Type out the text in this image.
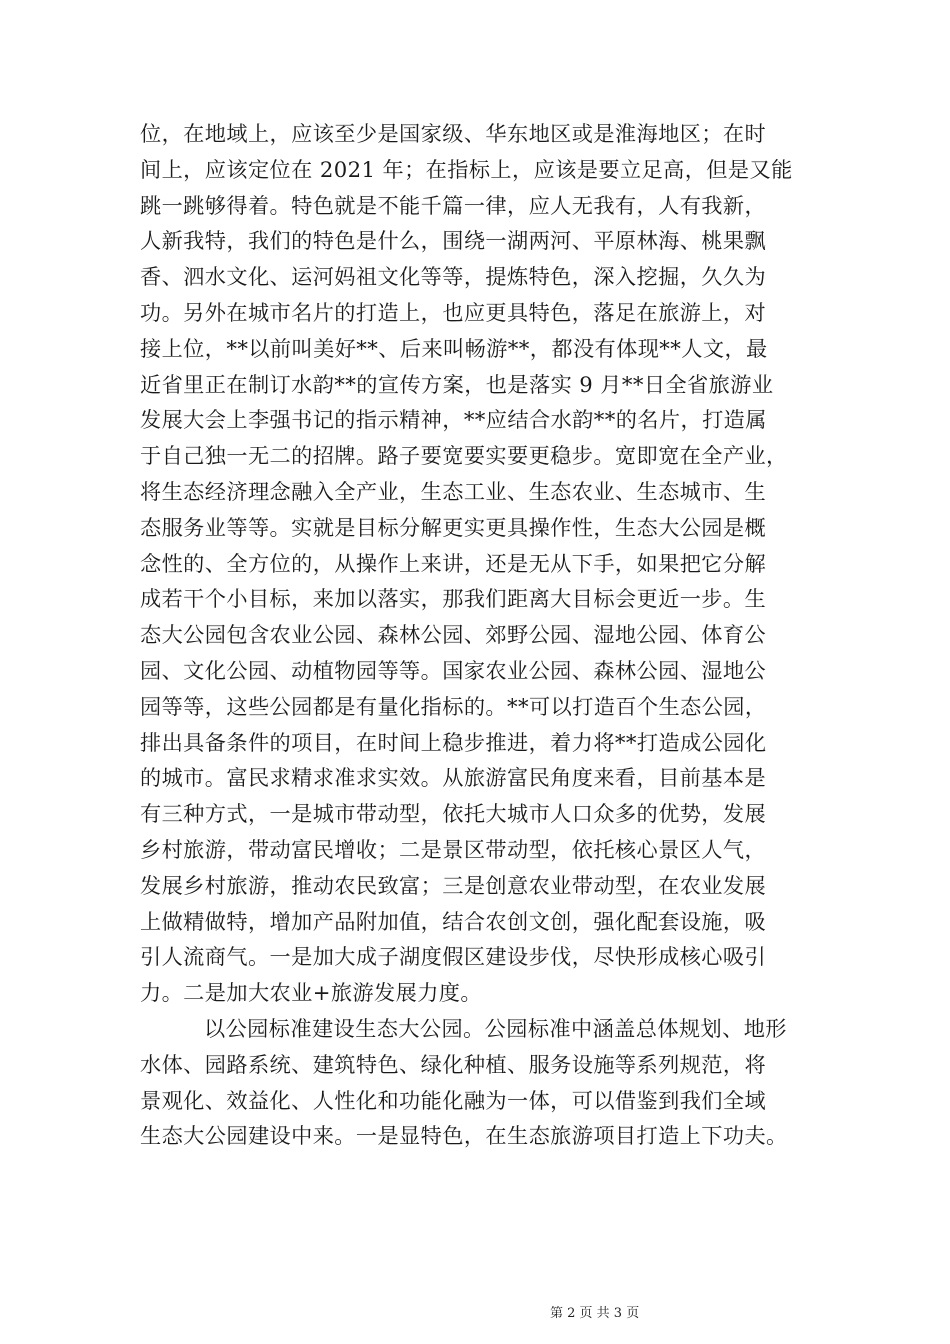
位，在地域上，应该至少是国家级、华东地区或是淮海地区；在时
间上，应该定位在 2021 年；在指标上，应该是要立足高，但是又能
跳一跳够得着。特色就是不能千篇一律，应人无我有，人有我新，
人新我特，我们的特色是什么，围绕一湖两河、平原林海、桃果飘
香、泗水文化、运河妈祖文化等等，提炼特色，深入挖掘，久久为
功。另外在城市名片的打造上，也应更具特色，落足在旅游上，对
接上位，**以前叫美好**、后来叫畅游**，都没有体现**人文，最
近省里正在制订水韵**的宣传方案，也是落实 9 月**日全省旅游业
发展大会上李强书记的指示精神，**应结合水韵**的名片，打造属
于自己独一无二的招牌。路子要宽要实要更稳步。宽即宽在全产业，
将生态经济理念融入全产业，生态工业、生态农业、生态城市、生
态服务业等等。实就是目标分解更实更具操作性，生态大公园是概
念性的、全方位的，从操作上来讲，还是无从下手，如果把它分解
成若干个小目标，来加以落实，那我们距离大目标会更近一步。生
态大公园包含农业公园、森林公园、郊野公园、湿地公园、体育公
园、文化公园、动植物园等等。国家农业公园、森林公园、湿地公
园等等，这些公园都是有量化指标的。**可以打造百个生态公园，
排出具备条件的项目，在时间上稳步推进，着力将**打造成公园化
的城市。富民求精求准求实效。从旅游富民角度来看，目前基本是
有三种方式，一是城市带动型，依托大城市人口众多的优势，发展
乡村旅游，带动富民增收；二是景区带动型，依托核心景区人气，
发展乡村旅游，推动农民致富；三是创意农业带动型，在农业发展
上做精做特，增加产品附加值，结合农创文创，强化配套设施，吸
引人流商气。一是加大成子湖度假区建设步伐，尽快形成核心吸引
力。二是加大农业+旅游发展力度。
以公园标准建设生态大公园。公园标准中涵盖总体规划、地形
水体、园路系统、建筑特色、绿化种植、服务设施等系列规范，将
景观化、效益化、人性化和功能化融为一体，可以借鉴到我们全域
生态大公园建设中来。一是显特色，在生态旅游项目打造上下功夫。
第 2 页 共 3 页
